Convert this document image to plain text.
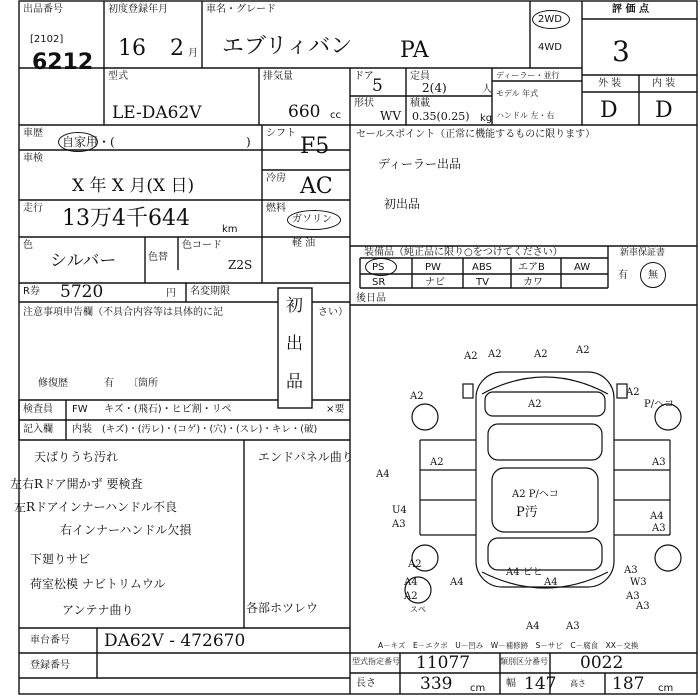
出品番号
[2102]
6212
初度登録年月
16 2 月
車名・グレード
エブリィバン PA
2WD
4WD
評 価 点
3
型式
LE-DA62V
排気量
660 cc
ドア
5	定員
2(4)	人
形状
WV
積載
0.35(0.25) kg
ディーラー・並行
モデル 年式
ハンドル 左・右
外 装	内 装
D D
車歴
自家用・(	)
シフト
F5
車検
X 年 X 月(X 日)	冷房 AC
走行 13万4千644	km
燃料
ガソリン
軽 油
色
シルバー	色替
色コード
Z2S
R券 5720	円 名変期限
セールスポイント（正常に機能するものに限ります）
ディーラー出品
初出品
注意事項申告欄（不具合内容等は具体的に記	さい）
修復歴	有 〔箇所
初
出
品
装備品（純正品に限り○をつけてください）
PS	PW	ABS	エアB	AW
SR	ナビ	TV	カワ
新車保証書
有 無
後日品
検査員
記入欄
FW キズ・(飛石)・ヒビ割・リペ	×要
内装 (キズ)・(汚レ)・(コゲ)・(穴)・(スレ)・キレ・(破)
天ばりうち汚れ
左右Rドア開かず 要検査
左Rドアインナーハンドル不良
右インナーハンドル欠損
下廻りサビ
荷室松模 ナビトリムウル
アンテナ曲り
エンドパネル曲り
各部ホツレウ
車台番号 DA62V - 472670
登録番号	型式指定番号 11077	類別区分番号 0022
長さ	339 cm 幅 147 高さ 187 cm
A－キズ　E－エクボ　U－凹み　W－補修跡　S－サビ　C－腐食　XX－交換
A2	A2	A2
A2
A2
A2	A2
P/ヘコ
A3
A2 P/ヘコ
P汚	A4
A3
A4
A2
U4
A3
A4
A2
A4
A3
W3
A3
A3
A2
A4
A4 ビヒ
スぺ
A4	A3
